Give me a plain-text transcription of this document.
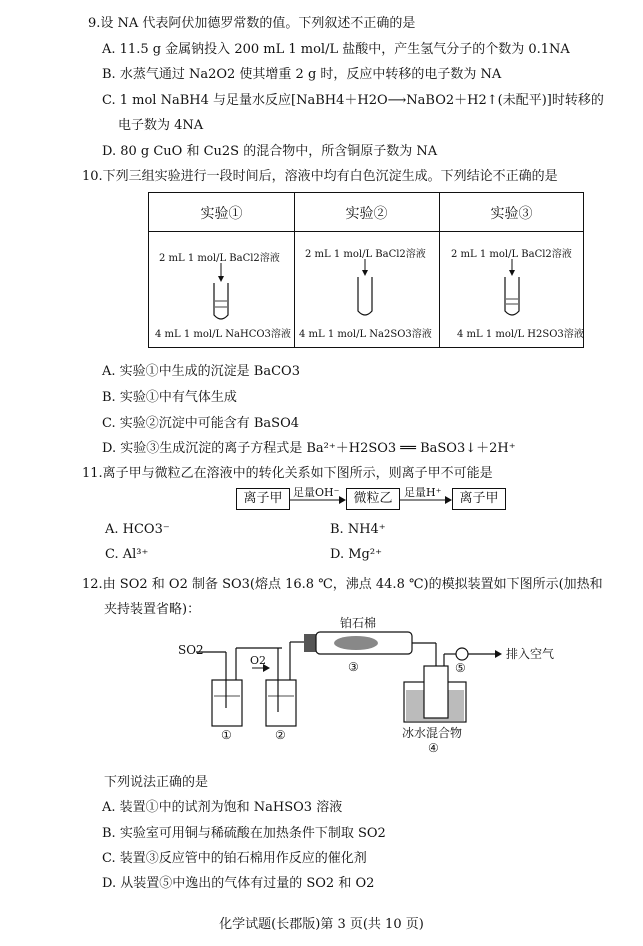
9.设 NA 代表阿伏加德罗常数的值。下列叙述不正确的是
A. 11.5 g 金属钠投入 200 mL 1 mol/L 盐酸中，产生氢气分子的个数为 0.1NA
B. 水蒸气通过 Na2O2 使其增重 2 g 时，反应中转移的电子数为 NA
C. 1 mol NaBH4 与足量水反应[NaBH4＋H2O⟶NaBO2＋H2↑(未配平)]时转移的
电子数为 4NA
D. 80 g CuO 和 Cu2S 的混合物中，所含铜原子数为 NA
10.下列三组实验进行一段时间后，溶液中均有白色沉淀生成。下列结论不正确的是
实验①	实验②	实验③
2 mL 1 mol/L BaCl2溶液
4 mL 1 mol/L NaHCO3溶液
2 mL 1 mol/L BaCl2溶液
4 mL 1 mol/L Na2SO3溶液
2 mL 1 mol/L BaCl2溶液
4 mL 1 mol/L H2SO3溶液
A. 实验①中生成的沉淀是 BaCO3
B. 实验①中有气体生成
C. 实验②沉淀中可能含有 BaSO4
D. 实验③生成沉淀的离子方程式是 Ba²⁺＋H2SO3 ══ BaSO3↓＋2H⁺
11.离子甲与微粒乙在溶液中的转化关系如下图所示，则离子甲不可能是
离子甲 足量OH⁻	微粒乙	足量H⁺	离子甲
A. HCO3⁻	B. NH4⁺
C. Al³⁺	D. Mg²⁺
12.由 SO2 和 O2 制备 SO3(熔点 16.8 ℃，沸点 44.8 ℃)的模拟装置如下图所示(加热和
夹持装置省略)：
SO2
O2
铂石棉
③
排入空气
⑤
①	②	冰水混合物
④
下列说法正确的是
A. 装置①中的试剂为饱和 NaHSO3 溶液
B. 实验室可用铜与稀硫酸在加热条件下制取 SO2
C. 装置③反应管中的铂石棉用作反应的催化剂
D. 从装置⑤中逸出的气体有过量的 SO2 和 O2
化学试题(长郡版)第 3 页(共 10 页)
